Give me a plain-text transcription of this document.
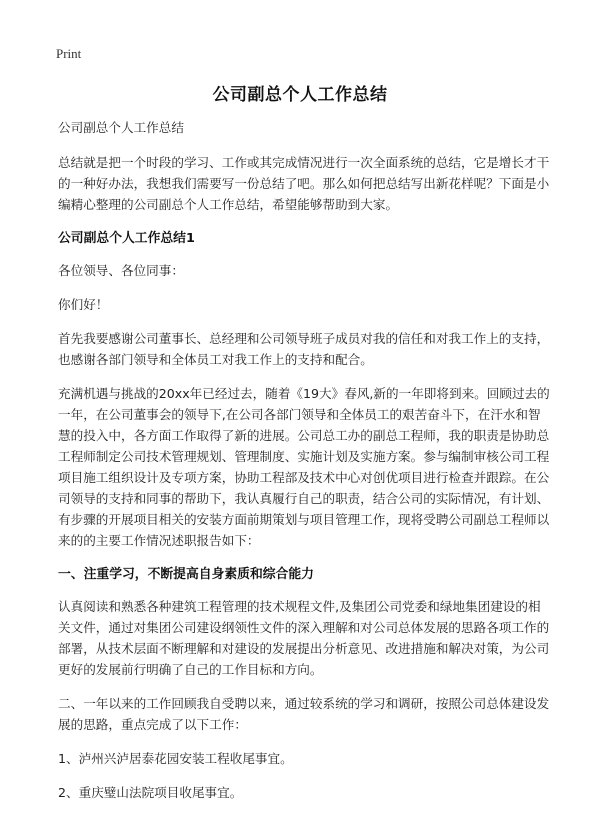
Print
公司副总个人工作总结

公司副总个人工作总结

总结就是把一个时段的学习、工作或其完成情况进行一次全面系统的总结，它是增长才干的一种好办法，我想我们需要写一份总结了吧。那么如何把总结写出新花样呢？下面是小编精心整理的公司副总个人工作总结，希望能够帮助到大家。

公司副总个人工作总结1

各位领导、各位同事：

你们好！

首先我要感谢公司董事长、总经理和公司领导班子成员对我的信任和对我工作上的支持，也感谢各部门领导和全体员工对我工作上的支持和配合。

充满机遇与挑战的20xx年已经过去，随着《19大》春风,新的一年即将到来。回顾过去的一年，在公司董事会的领导下,在公司各部门领导和全体员工的艰苦奋斗下，在汗水和智慧的投入中，各方面工作取得了新的进展。公司总工办的副总工程师，我的职责是协助总工程师制定公司技术管理规划、管理制度、实施计划及实施方案。参与编制审核公司工程项目施工组织设计及专项方案，协助工程部及技术中心对创优项目进行检查并跟踪。在公司领导的支持和同事的帮助下，我认真履行自己的职责，结合公司的实际情况，有计划、有步骤的开展项目相关的安装方面前期策划与项目管理工作，现将受聘公司副总工程师以来的的主要工作情况述职报告如下：

一、注重学习，不断提高自身素质和综合能力

认真阅读和熟悉各种建筑工程管理的技术规程文件,及集团公司党委和绿地集团建设的相关文件，通过对集团公司建设纲领性文件的深入理解和对公司总体发展的思路各项工作的部署，从技术层面不断理解和对建设的发展提出分析意见、改进措施和解决对策，为公司更好的发展前行明确了自己的工作目标和方向。

二、一年以来的工作回顾我自受聘以来，通过较系统的学习和调研，按照公司总体建设发展的思路，重点完成了以下工作：

1、泸州兴泸居泰花园安装工程收尾事宜。

2、重庆璧山法院项目收尾事宜。
